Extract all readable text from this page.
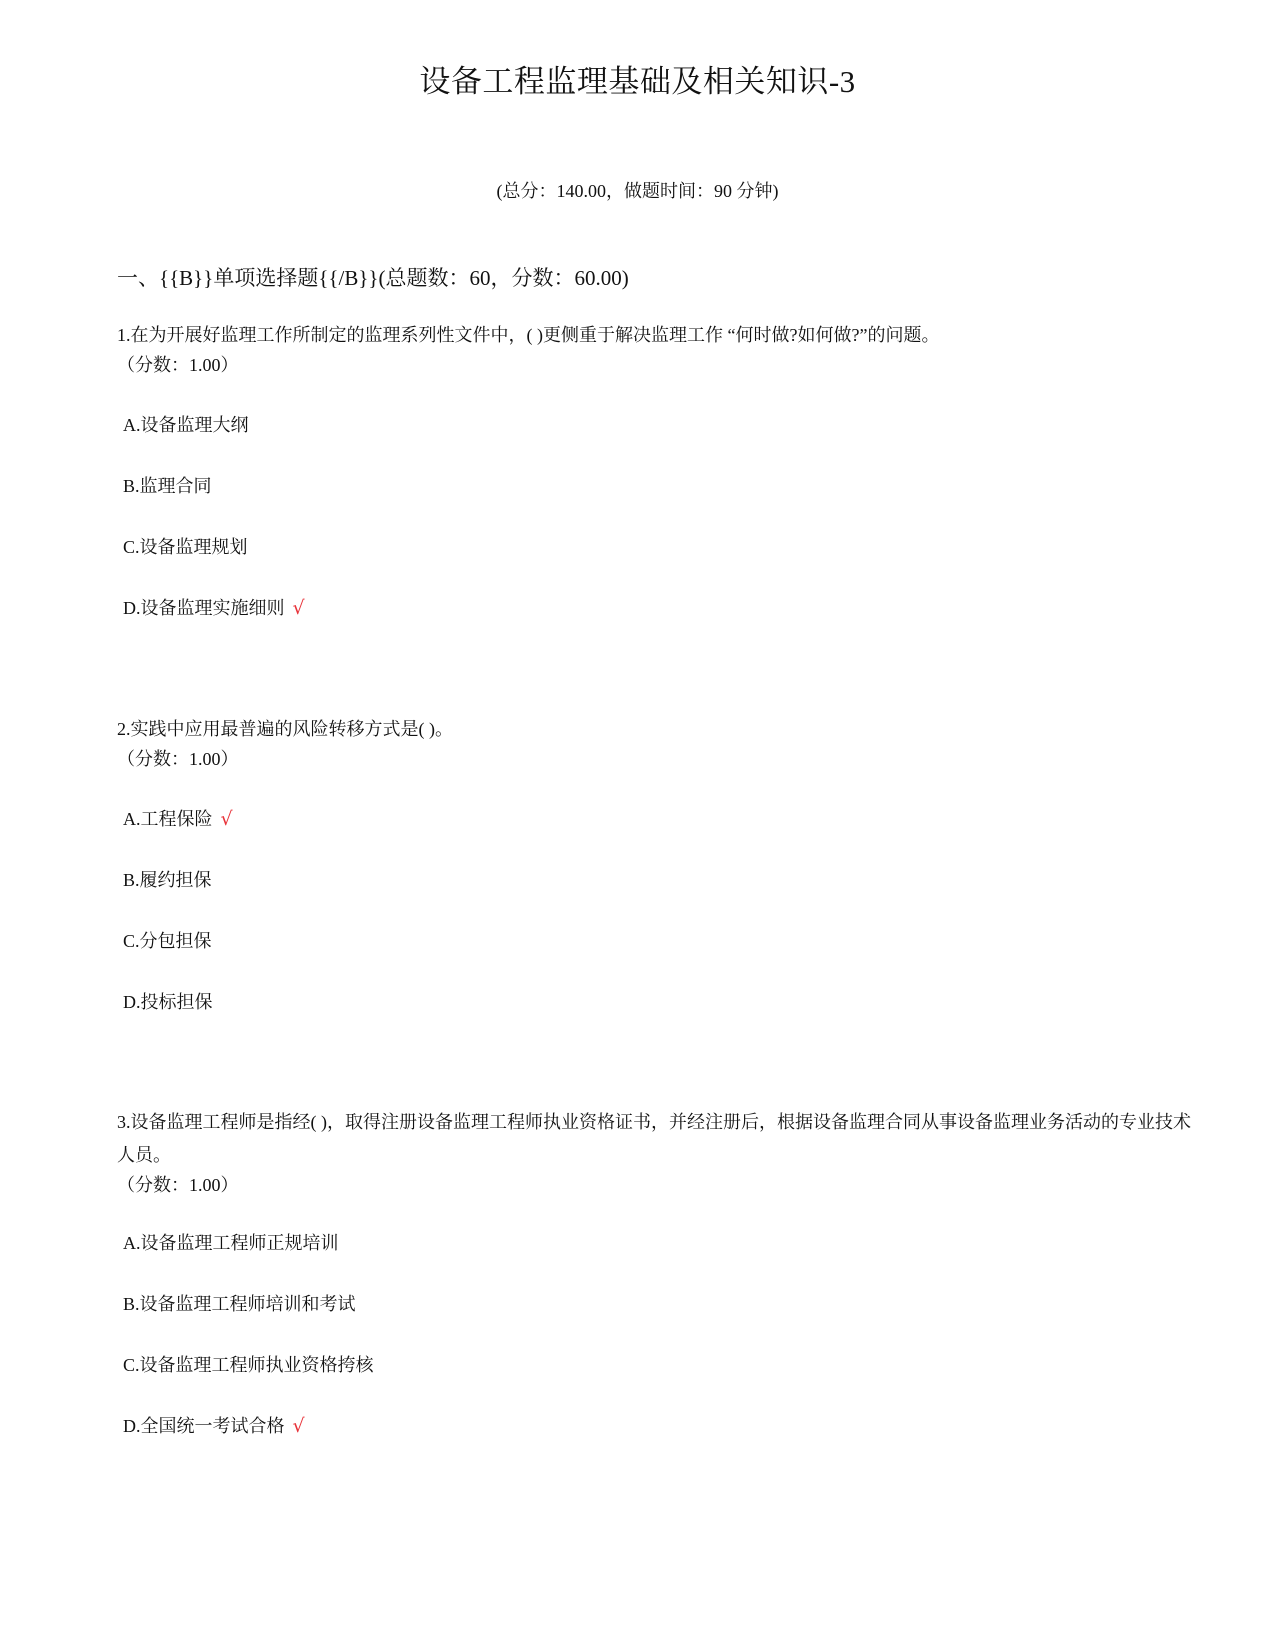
设备工程监理基础及相关知识-3
(总分：140.00，做题时间：90 分钟)
一、{{B}}单项选择题{{/B}}(总题数：60，分数：60.00)

1.在为开展好监理工作所制定的监理系列性文件中，( )更侧重于解决监理工作 “何时做?如何做?”的问题。

（分数：1.00）

A.设备监理大纲
B.监理合同
C.设备监理规划
D.设备监理实施细则 √

2.实践中应用最普遍的风险转移方式是( )。

（分数：1.00）

A.工程保险 √
B.履约担保
C.分包担保
D.投标担保

3.设备监理工程师是指经( )，取得注册设备监理工程师执业资格证书，并经注册后，根据设备监理合同从事设备监理业务活动的专业技术人员。

（分数：1.00）

A.设备监理工程师正规培训
B.设备监理工程师培训和考试
C.设备监理工程师执业资格挎核
D.全国统一考试合格 √
